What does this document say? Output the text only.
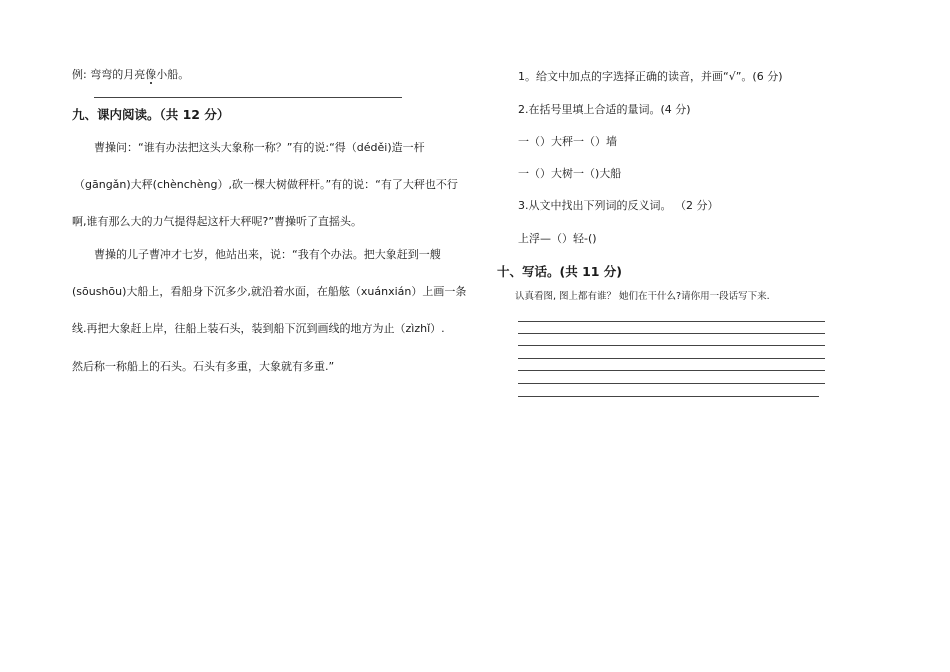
例: 弯弯的月亮像小船。
九、课内阅读。（共 12 分）
曹操问：“谁有办法把这头大象称一称？”有的说:“得（déděi)造一杆
（gāngǎn)大秤(chènchèng）,砍一棵大树做秤杆。”有的说：“有了大秤也不行
啊,谁有那么大的力气提得起这杆大秤呢?”曹操听了直摇头。
曹操的儿子曹冲才七岁，他站出来，说：“我有个办法。把大象赶到一艘
(sōushōu)大船上，看船身下沉多少,就沿着水面，在船舷（xuánxián）上画一条
线.再把大象赶上岸，往船上装石头，装到船下沉到画线的地方为止（zìzhǐ）.
然后称一称船上的石头。石头有多重，大象就有多重.”
1。给文中加点的字选择正确的读音，并画“√”。(6 分)
2.在括号里填上合适的量词。(4 分)
一（）大秤一（）墙
一（）大树一（)大船
3.从文中找出下列词的反义词。 （2 分）
上浮—（）轻-()
十、写话。(共 11 分)
认真看图, 图上都有谁？ 她们在干什么?请你用一段话写下来.
